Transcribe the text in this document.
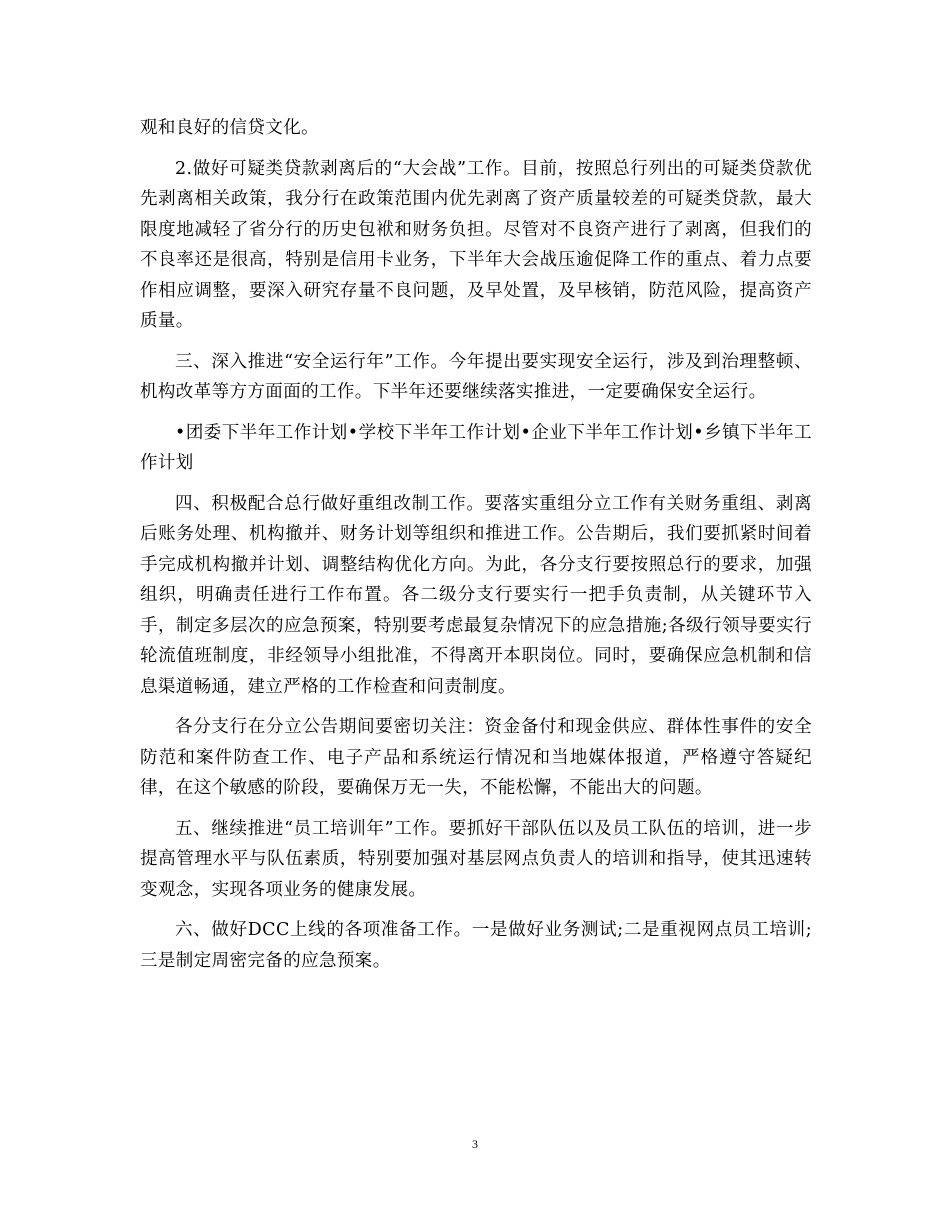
观和良好的信贷文化。

2.做好可疑类贷款剥离后的“大会战”工作。目前，按照总行列出的可疑类贷款优先剥离相关政策，我分行在政策范围内优先剥离了资产质量较差的可疑类贷款，最大限度地减轻了省分行的历史包袱和财务负担。尽管对不良资产进行了剥离，但我们的不良率还是很高，特别是信用卡业务，下半年大会战压逾促降工作的重点、着力点要作相应调整，要深入研究存量不良问题，及早处置，及早核销，防范风险，提高资产质量。

三、深入推进“安全运行年”工作。今年提出要实现安全运行，涉及到治理整顿、机构改革等方方面面的工作。下半年还要继续落实推进，一定要确保安全运行。

•团委下半年工作计划•学校下半年工作计划•企业下半年工作计划•乡镇下半年工作计划

四、积极配合总行做好重组改制工作。要落实重组分立工作有关财务重组、剥离后账务处理、机构撤并、财务计划等组织和推进工作。公告期后，我们要抓紧时间着手完成机构撤并计划、调整结构优化方向。为此，各分支行要按照总行的要求，加强组织，明确责任进行工作布置。各二级分支行要实行一把手负责制，从关键环节入手，制定多层次的应急预案，特别要考虑最复杂情况下的应急措施;各级行领导要实行轮流值班制度，非经领导小组批准，不得离开本职岗位。同时，要确保应急机制和信息渠道畅通，建立严格的工作检查和问责制度。

各分支行在分立公告期间要密切关注：资金备付和现金供应、群体性事件的安全防范和案件防查工作、电子产品和系统运行情况和当地媒体报道，严格遵守答疑纪律，在这个敏感的阶段，要确保万无一失，不能松懈，不能出大的问题。

五、继续推进“员工培训年”工作。要抓好干部队伍以及员工队伍的培训，进一步提高管理水平与队伍素质，特别要加强对基层网点负责人的培训和指导，使其迅速转变观念，实现各项业务的健康发展。

六、做好DCC上线的各项准备工作。一是做好业务测试;二是重视网点员工培训;三是制定周密完备的应急预案。

3
